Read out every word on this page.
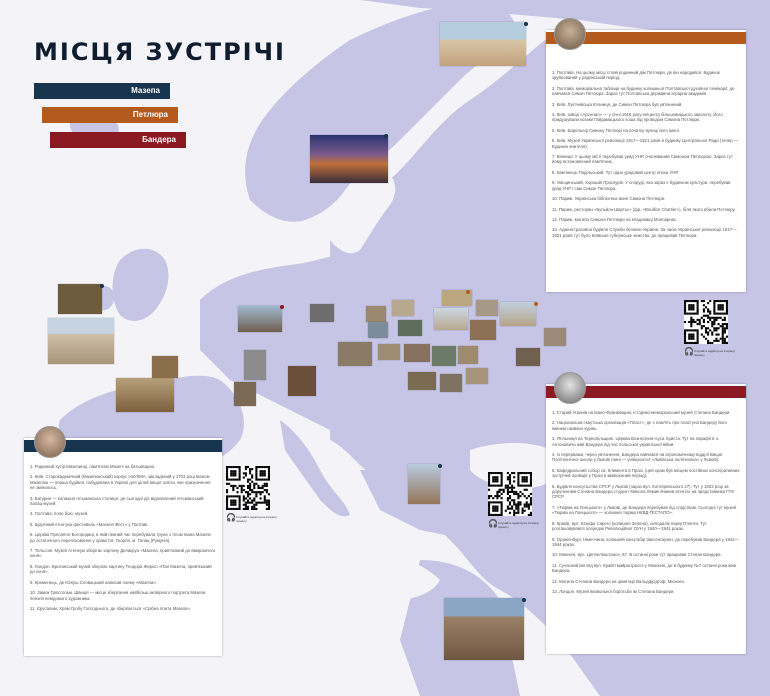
МІСЦЯ ЗУСТРІЧІ
Мазепа
Петлюра
Бандера
1. Полтава. На цьому місці стояв родинний дім Петлюри, де він народився. Будинок зруйнований у радянський період.
2. Полтава, меморіальна таблиця на будинку колишньої Полтавської духовної семінарії, де навчався Симон Петлюра. Зараз тут Полтавська державна аграрна академія.
3. Київ. Лук'янівська в'язниця, де Симон Петлюра був ув'язнений.
4. Київ, завод «Арсенал» — у січні 1918 року епіцентр більшовицького заколоту. Його придушували козаки Гайдамацького коша під проводом Симона Петлюри.
5. Київ. Барельєф Симону Петлюрі на початку вулиці його імені.
6. Київ. Музей Української революції 1917—1921 років в будинку Центральної Ради (тепер — Будинок вчителя).
7. Вінниця. У цьому місті перебував уряд УНР, очолюваний Симоном Петлюрою. Зараз тут йому встановлений пам'ятник.
8. Кам'янець-Подільський. Тут один урядовий центр епохи УНР.
9. Умєцинський, Хорошій Проскурів. У споруді, яка зараз є будинком культури, перебував уряд УНР і сам Симон Петлюра.
10. Париж. Українська бібліотека імені Симона Петлюри.
11. Париж, ресторан «Бульйон Шартьє» (фр. «Bouillon Chartier»), біля якого вбили Петлюру.
12. Париж, могила Симона Петлюри на кладовищі Монпарнас.
13. Адміністративна будівля Служби безпеки України. За часів Української революції 1917—1921 років тут було Київське губернське земство, де працював Петлюра.
1. Родинний хутір Мазепинці, пам'ятник Мазепі на батьківщині.
2. Київ, Старокадемічний (Мазепинський) корпус НаУКМА, закладений у 1703 році Іваном Мазепою — перша будівля, побудована в Україні для цілей вищої освіти, яке призначення не змінилось.
3. Батурин — колишня гетьманська столиця, де сьогодні діє відновлений гетьманський палац-музей.
4. Полтава, поле бою, музей.
5. Щорічний етно-рок фестиваль «Мазепа Фест» у Полтаві.
6. Церква Пресвятої Богородиці, в якій певний час перебувала труна з тілом Івана Мазепи до остаточного перепоховання у храмі Св. Георгія, м. Галац (Румунія).
7. Тельсоні. Музей Атенеум зберігає картину Делакруа «Мазепа, прив'язаний до вмираючого коня».
8. Лондон. Британський музей зберігає картину Теодора Жеріко «Пан Мазепа, прив'язаний до коня».
9. Кременець, де Юліуш Словацький написав поему «Мазепа».
10. Замок Гріпсгольм. Швеція — місце зберігання найбільш імовірного портрета Мазепи пензля невідомого художника.
11. Єрусалим, Храм Гробу Господнього, де зберігається «Срібна плита Мазепи».
1. Старий Угринів на Івано-Франківщині, історико-меморіальний музей Степана Бандери.
2. Національна скаутська організація «Пласт», де є пам'ять про пластуна Бандеру його іменем названо курінь.
3. Ягільниця на Тернопільщині. Церква Вознесіння Ісуса Христа. Тут на парафії в о. Антоновича жив Бандера під час польської української війни.
4. Із перервами, через ув'язнення, Бандера навчався на агрономічному відділі Вищої Політехнічної школи у Львові (нині — університет «Львівська політехніка» у Львові).
5. Кафедральний собор св. Климента в Празі, (цей храм був місцем постійних конспіративних зустрічей оунівців у Празі в міжвоєнний період).
6. Будівля консульства СРСР у Львові (зараз вул. Котляревського 27). Тут у 1933 році за дорученням Степана Бандери студент Микола Лемик вчинив атентат на представника ГПУ СРСР.
7. «Тюрма на Лонцького» у Львові, де Бандера перебував під слідством. Сьогодні тут музей «Тюрма на Лонцького» — колишня тюрма НКВД-ҐЕСТАПО».
8. Краків, вул. Юзефа Сарего (колишня Зелена), неподалік парку Плянти. Тут розташовувався осередок Революційної ОУН у 1940—1941 роках.
9. Оранієнбург, Німеччина, колишній концтабір Заксенгаузен, де перебував Бандера у 1942—1944 роках.
10. Мюнхен, вул. Цеппелінштрасе, 67. В останні роки тут працював Степан Бандера.
11. Сучасний вигляд вул. Крайттмайрштрассе у Мюнхені, де в будинку №7 останні роки жив Бандера.
12. Могила Степана Бандери на цвинтарі Вальдфрідгоф, Мюнхен.
13. Лондон. Музей визвольної боротьби ім Степана Бандери.
🎧 Слухайте аудіогід на сторінці проєкту
🎧 Слухайте аудіогід на сторінці проєкту	🎧 Слухайте аудіогід на сторінці проєкту
